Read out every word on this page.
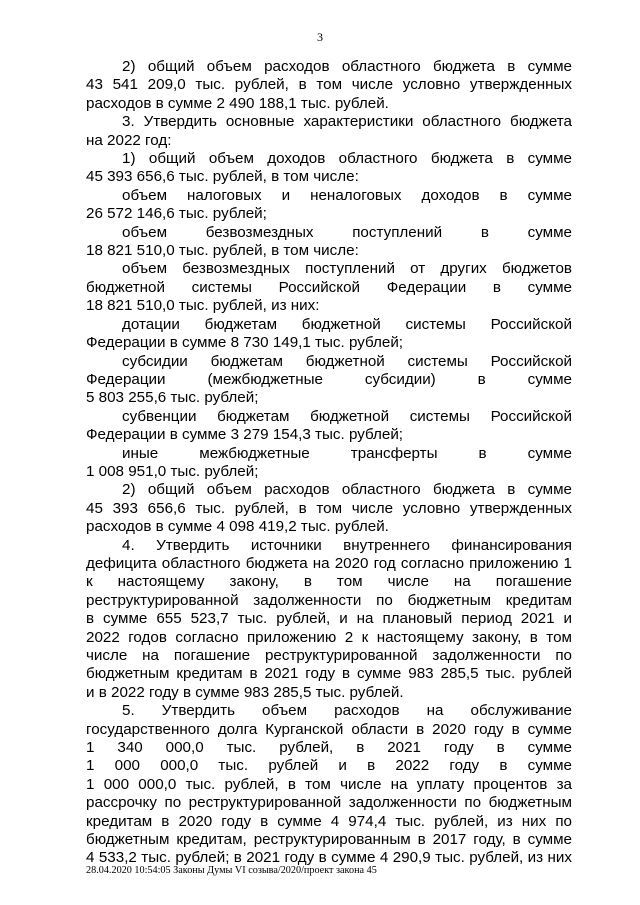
3

2) общий объем расходов областного бюджета в сумме
43 541 209,0 тыс. рублей, в том числе условно утвержденных
расходов в сумме 2 490 188,1 тыс. рублей.

3. Утвердить основные характеристики областного бюджета
на 2022 год:

1) общий объем доходов областного бюджета в сумме
45 393 656,6 тыс. рублей, в том числе:

объем налоговых и неналоговых доходов в сумме
26 572 146,6 тыс. рублей;

объем безвозмездных поступлений в сумме
18 821 510,0 тыс. рублей, в том числе:

объем безвозмездных поступлений от других бюджетов
бюджетной системы Российской Федерации в сумме
18 821 510,0 тыс. рублей, из них:

дотации бюджетам бюджетной системы Российской
Федерации в сумме 8 730 149,1 тыс. рублей;

субсидии бюджетам бюджетной системы Российской
Федерации (межбюджетные субсидии) в сумме
5 803 255,6 тыс. рублей;

субвенции бюджетам бюджетной системы Российской
Федерации в сумме 3 279 154,3 тыс. рублей;

иные межбюджетные трансферты в сумме
1 008 951,0 тыс. рублей;

2) общий объем расходов областного бюджета в сумме
45 393 656,6 тыс. рублей, в том числе условно утвержденных
расходов в сумме 4 098 419,2 тыс. рублей.

4. Утвердить источники внутреннего финансирования
дефицита областного бюджета на 2020 год согласно приложению 1
к настоящему закону, в том числе на погашение
реструктурированной задолженности по бюджетным кредитам
в сумме 655 523,7 тыс. рублей, и на плановый период 2021 и
2022 годов согласно приложению 2 к настоящему закону, в том
числе на погашение реструктурированной задолженности по
бюджетным кредитам в 2021 году в сумме 983 285,5 тыс. рублей
и в 2022 году в сумме 983 285,5 тыс. рублей.

5. Утвердить объем расходов на обслуживание
государственного долга Курганской области в 2020 году в сумме
1 340 000,0 тыс. рублей, в 2021 году в сумме
1 000 000,0 тыс. рублей и в 2022 году в сумме
1 000 000,0 тыс. рублей, в том числе на уплату процентов за
рассрочку по реструктурированной задолженности по бюджетным
кредитам в 2020 году в сумме 4 974,4 тыс. рублей, из них по
бюджетным кредитам, реструктурированным в 2017 году, в сумме
4 533,2 тыс. рублей; в 2021 году в сумме 4 290,9 тыс. рублей, из них

28.04.2020 10:54:05 Законы Думы VI созыва/2020/проект закона 45
